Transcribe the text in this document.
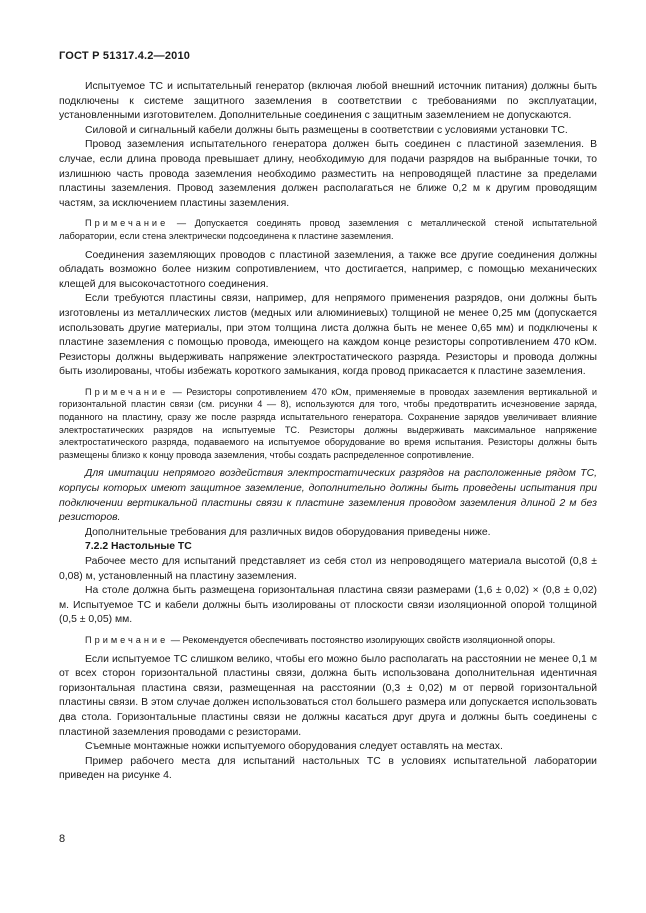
ГОСТ Р 51317.4.2—2010

Испытуемое ТС и испытательный генератор (включая любой внешний источник питания) должны быть подключены к системе защитного заземления в соответствии с требованиями по эксплуатации, установленными изготовителем. Дополнительные соединения с защитным заземлением не допускаются.

Силовой и сигнальный кабели должны быть размещены в соответствии с условиями установки ТС.

Провод заземления испытательного генератора должен быть соединен с пластиной заземления. В случае, если длина провода превышает длину, необходимую для подачи разрядов на выбранные точки, то излишнюю часть провода заземления необходимо разместить на непроводящей пластине за пределами пластины заземления. Провод заземления должен располагаться не ближе 0,2 м к другим проводящим частям, за исключением пластины заземления.

Примечание — Допускается соединять провод заземления с металлической стеной испытательной лаборатории, если стена электрически подсоединена к пластине заземления.

Соединения заземляющих проводов с пластиной заземления, а также все другие соединения должны обладать возможно более низким сопротивлением, что достигается, например, с помощью механических клещей для высокочастотного соединения.

Если требуются пластины связи, например, для непрямого применения разрядов, они должны быть изготовлены из металлических листов (медных или алюминиевых) толщиной не менее 0,25 мм (допускается использовать другие материалы, при этом толщина листа должна быть не менее 0,65 мм) и подключены к пластине заземления с помощью провода, имеющего на каждом конце резисторы сопротивлением 470 кОм. Резисторы должны выдерживать напряжение электростатического разряда. Резисторы и провода должны быть изолированы, чтобы избежать короткого замыкания, когда провод прикасается к пластине заземления.

Примечание — Резисторы сопротивлением 470 кОм, применяемые в проводах заземления вертикальной и горизонтальной пластин связи (см. рисунки 4 — 8), используются для того, чтобы предотвратить исчезновение заряда, поданного на пластину, сразу же после разряда испытательного генератора. Сохранение зарядов увеличивает влияние электростатических разрядов на испытуемые ТС. Резисторы должны выдерживать максимальное напряжение электростатического разряда, подаваемого на испытуемое оборудование во время испытания. Резисторы должны быть размещены близко к концу провода заземления, чтобы создать распределенное сопротивление.

Для имитации непрямого воздействия электростатических разрядов на расположенные рядом ТС, корпусы которых имеют защитное заземление, дополнительно должны быть проведены испытания при подключении вертикальной пластины связи к пластине заземления проводом заземления длиной 2 м без резисторов.

Дополнительные требования для различных видов оборудования приведены ниже.

7.2.2 Настольные ТС

Рабочее место для испытаний представляет из себя стол из непроводящего материала высотой (0,8 ± 0,08) м, установленный на пластину заземления.

На столе должна быть размещена горизонтальная пластина связи размерами (1,6 ± 0,02) × (0,8 ± 0,02) м. Испытуемое ТС и кабели должны быть изолированы от плоскости связи изоляционной опорой толщиной (0,5 ± 0,05) мм.

Примечание — Рекомендуется обеспечивать постоянство изолирующих свойств изоляционной опоры.

Если испытуемое ТС слишком велико, чтобы его можно было располагать на расстоянии не менее 0,1 м от всех сторон горизонтальной пластины связи, должна быть использована дополнительная идентичная горизонтальная пластина связи, размещенная на расстоянии (0,3 ± 0,02) м от первой горизонтальной пластины связи. В этом случае должен использоваться стол большего размера или допускается использовать два стола. Горизонтальные пластины связи не должны касаться друг друга и должны быть соединены с пластиной заземления проводами с резисторами.

Съемные монтажные ножки испытуемого оборудования следует оставлять на местах.

Пример рабочего места для испытаний настольных ТС в условиях испытательной лаборатории приведен на рисунке 4.

8
